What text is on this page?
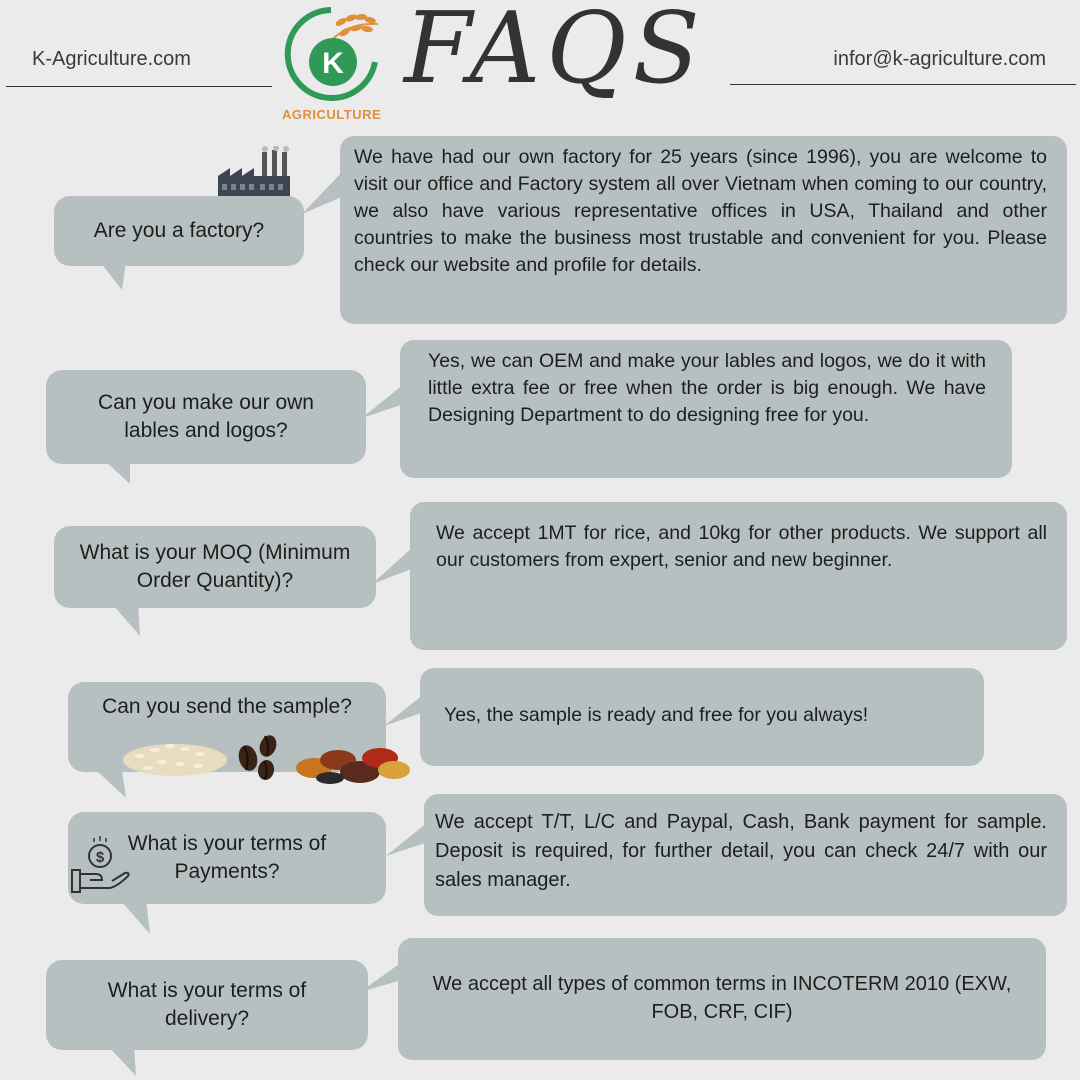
K-Agriculture.com	infor@k-agriculture.com
K
AGRICULTURE
FAQS
Are you a factory?
We have had our own factory for 25 years (since 1996), you are welcome to visit our office and Factory system all over Vietnam when coming to our country, we also have various representative offices in USA, Thailand and other countries to make the business most trustable and convenient for you. Please check our website and profile for details.
Can you make our own lables and logos?
Yes, we can OEM and make your lables and logos, we do it with little extra fee or free when the order is big enough. We have Designing Department to do designing free for you.
What is your MOQ (Minimum Order Quantity)?
We accept 1MT for rice, and 10kg for other products. We support all our customers from expert, senior and new beginner.
Can you send the sample?	Yes, the sample is ready and free for you always!
What is your terms of Payments?
$
We accept T/T, L/C and Paypal, Cash, Bank payment for sample. Deposit is required, for further detail, you can check 24/7 with our sales manager.
What is your terms of delivery?
We accept all types of common terms in INCOTERM 2010 (EXW, FOB, CRF, CIF)
